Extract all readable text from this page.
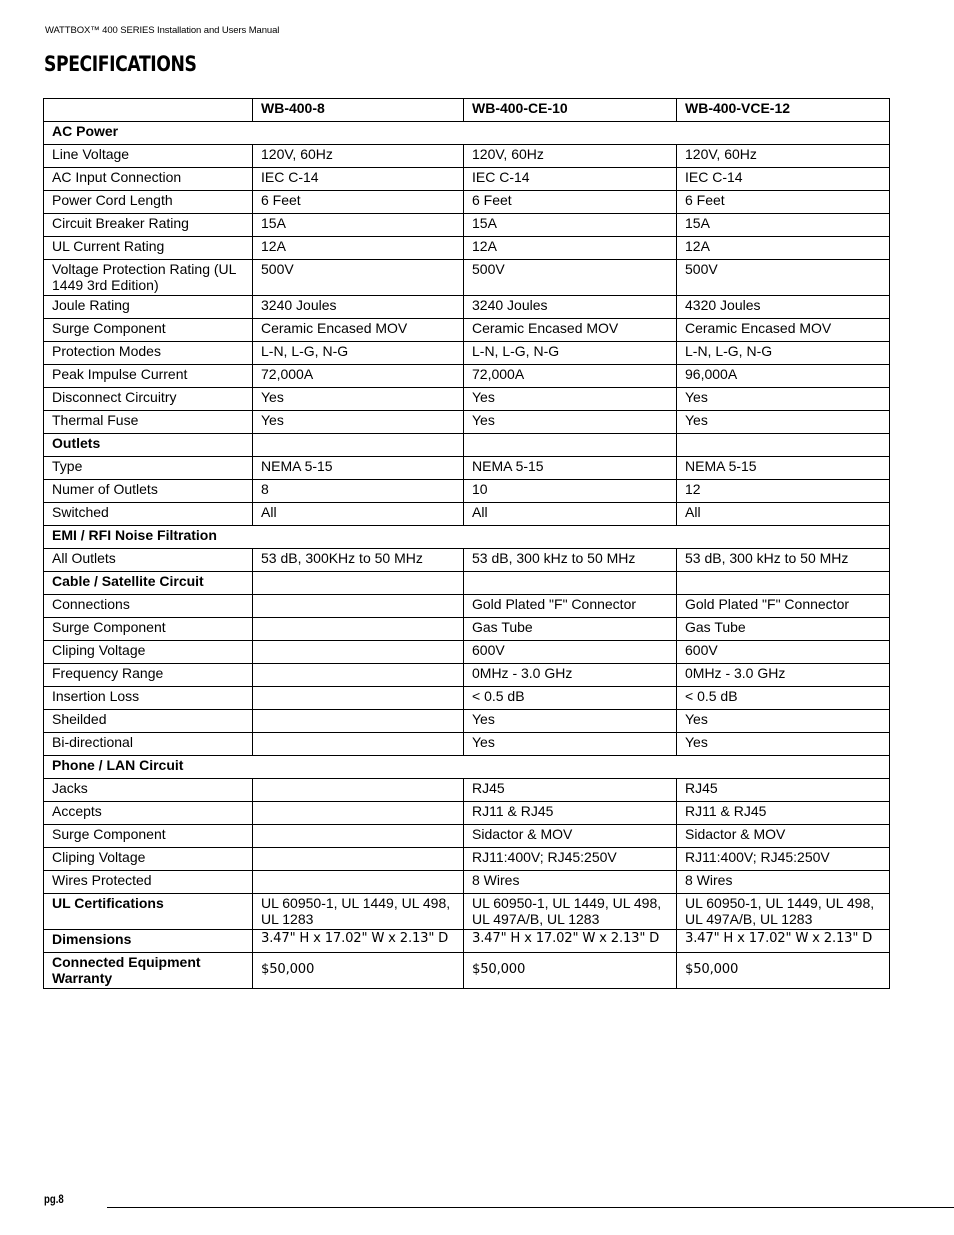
WATTBOX™ 400 SERIES Installation and Users Manual
SPECIFICATIONS
	WB-400-8	WB-400-CE-10	WB-400-VCE-12
AC Power			
Line Voltage	120V, 60Hz	120V, 60Hz	120V, 60Hz
AC Input Connection	IEC C-14	IEC C-14	IEC C-14
Power Cord Length	6 Feet	6 Feet	6 Feet
Circuit Breaker Rating	15A	15A	15A
UL Current Rating	12A	12A	12A
Voltage Protection Rating (UL 1449 3rd Edition)	500V	500V	500V
Joule Rating	3240 Joules	3240 Joules	4320 Joules
Surge Component	Ceramic Encased MOV	Ceramic Encased MOV	Ceramic Encased MOV
Protection Modes	L-N, L-G, N-G	L-N, L-G, N-G	L-N, L-G, N-G
Peak Impulse Current	72,000A	72,000A	96,000A
Disconnect Circuitry	Yes	Yes	Yes
Thermal Fuse	Yes	Yes	Yes
Outlets			
Type	NEMA 5-15	NEMA 5-15	NEMA 5-15
Numer of Outlets	8	10	12
Switched	All	All	All
EMI / RFI Noise Filtration			
All Outlets	53 dB, 300KHz to 50 MHz	53 dB, 300 kHz to 50 MHz	53 dB, 300 kHz to 50 MHz
Cable / Satellite Circuit			
Connections		Gold Plated "F" Connector	Gold Plated "F" Connector
Surge Component		Gas Tube	Gas Tube
Cliping Voltage		600V	600V
Frequency Range		0MHz - 3.0 GHz	0MHz - 3.0 GHz
Insertion Loss		< 0.5 dB	< 0.5 dB
Sheilded		Yes	Yes
Bi-directional		Yes	Yes
Phone / LAN Circuit			
Jacks		RJ45	RJ45
Accepts		RJ11 & RJ45	RJ11 & RJ45
Surge Component		Sidactor & MOV	Sidactor & MOV
Cliping Voltage		RJ11:400V; RJ45:250V	RJ11:400V; RJ45:250V
Wires Protected		8 Wires	8 Wires
UL Certifications	UL 60950-1, UL 1449, UL 498, UL 1283	UL 60950-1, UL 1449, UL 498, UL 497A/B, UL 1283	UL 60950-1, UL 1449, UL 498, UL 497A/B, UL 1283
Dimensions	3.47" H x 17.02" W x 2.13" D	3.47" H x 17.02" W x 2.13" D	3.47" H x 17.02" W x 2.13" D
Connected Equipment Warranty	$50,000	$50,000	$50,000
pg.8
